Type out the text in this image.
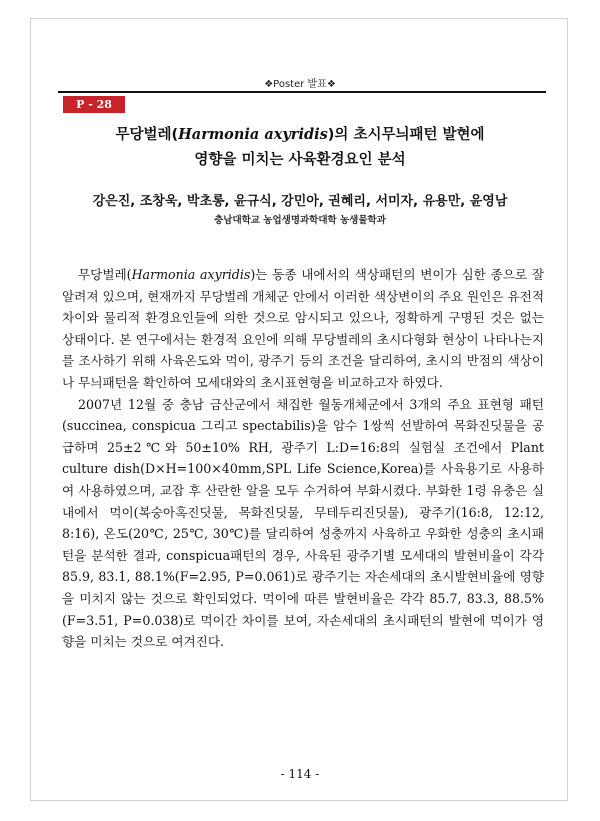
❖Poster 발표❖
P - 28
무당벌레(Harmonia axyridis)의 초시무늬패턴 발현에
영향을 미치는 사육환경요인 분석
강은진, 조창욱, 박초롱, 윤규식, 강민아, 권혜리, 서미자, 유용만, 윤영남
충남대학교 농업생명과학대학 농생물학과

무당벌레(Harmonia axyridis)는 동종 내에서의 색상패턴의 변이가 심한 종으로 잘 알려져 있으며, 현재까지 무당벌레 개체군 안에서 이러한 색상변이의 주요 원인은 유전적 차이와 물리적 환경요인들에 의한 것으로 암시되고 있으나, 정확하게 구명된 것은 없는 상태이다. 본 연구에서는 환경적 요인에 의해 무당벌레의 초시다형화 현상이 나타나는지를 조사하기 위해 사육온도와 먹이, 광주기 등의 조건을 달리하여, 초시의 반점의 색상이나 무늬패턴을 확인하여 모세대와의 초시표현형을 비교하고자 하였다.

2007년 12월 중 충남 금산군에서 채집한 월동개체군에서 3개의 주요 표현형 패턴(succinea, conspicua 그리고 spectabilis)을 암수 1쌍씩 선발하여 목화진딧물을 공급하며 25±2℃와 50±10% RH, 광주기 L:D=16:8의 실험실 조건에서 Plant culture dish(D×H=100×40mm,SPL Life Science,Korea)를 사육용기로 사용하여 사용하였으며, 교잡 후 산란한 알을 모두 수거하여 부화시켰다. 부화한 1령 유충은 실내에서 먹이(복숭아혹진딧물, 목화진딧물, 무테두리진딧물), 광주기(16:8, 12:12, 8:16), 온도(20℃, 25℃, 30℃)를 달리하여 성충까지 사육하고 우화한 성충의 초시패턴을 분석한 결과, conspicua패턴의 경우, 사육된 광주기별 모세대의 발현비율이 각각 85.9, 83.1, 88.1%(F=2.95, P=0.061)로 광주기는 자손세대의 초시발현비율에 영향을 미치지 않는 것으로 확인되었다. 먹이에 따른 발현비율은 각각 85.7, 83.3, 88.5%(F=3.51, P=0.038)로 먹이간 차이를 보여, 자손세대의 초시패턴의 발현에 먹이가 영향을 미치는 것으로 여겨진다.

- 114 -
